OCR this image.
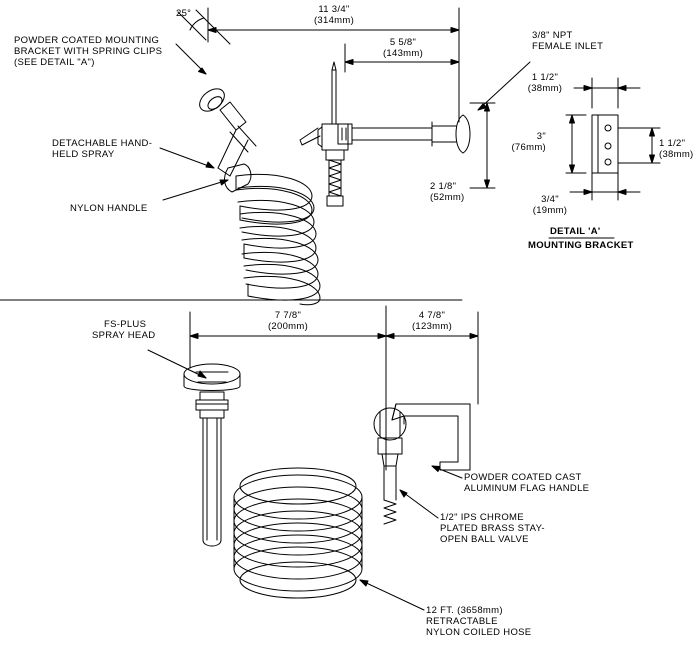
11 3/4"
(314mm)
5 5/8"
(143mm)
25°
2 1/8"
(52mm)
POWDER COATED MOUNTING
BRACKET WITH SPRING CLIPS
(SEE DETAIL "A")
DETACHABLE HAND-
HELD SPRAY
NYLON HANDLE
3/8" NPT
FEMALE INLET
1 1/2"
(38mm)
3"
(76mm)	1 1/2"
(38mm)
3/4"
(19mm)
DETAIL 'A'
MOUNTING BRACKET
7 7/8"
(200mm)
4 7/8"
(123mm)
FS-PLUS
SPRAY HEAD
POWDER COATED CAST
ALUMINUM FLAG HANDLE
1/2" IPS CHROME
PLATED BRASS STAY-
OPEN BALL VALVE
12 FT. (3658mm)
RETRACTABLE
NYLON COILED HOSE
